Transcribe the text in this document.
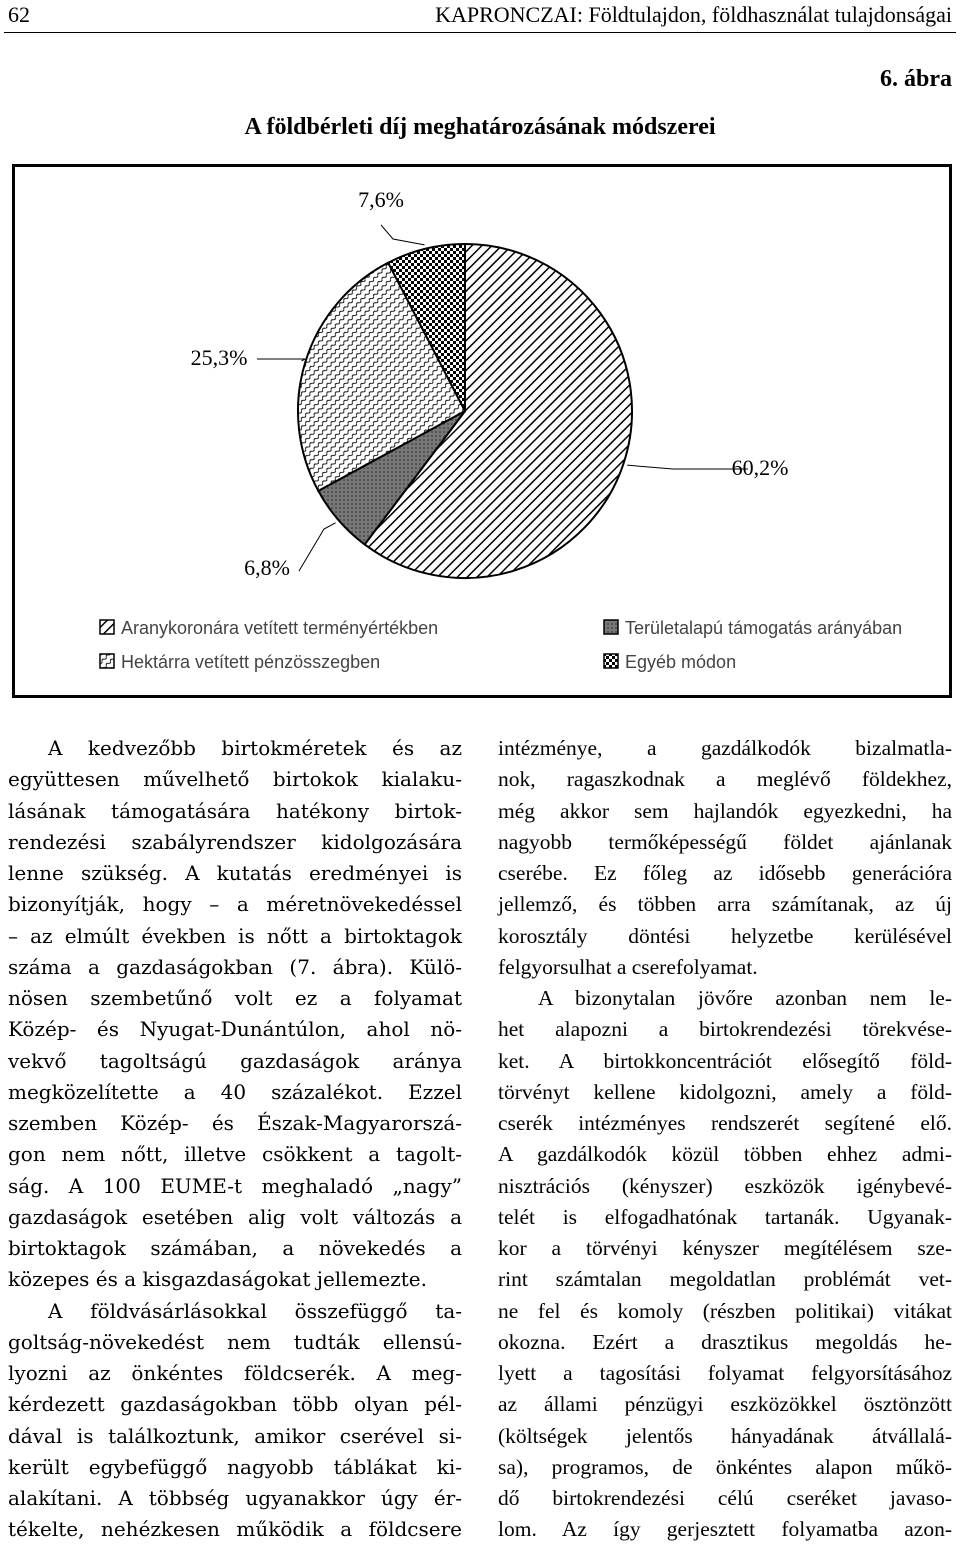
62	KAPRONCZAI: Földtulajdon, földhasználat tulajdonságai
6. ábra
A földbérleti díj meghatározásának módszerei
60,2%
6,8%
25,3%
7,6%
Aranykoronára vetített terményértékben
Hektárra vetített pénzösszegben
Területalapú támogatás arányában
Egyéb módon
A kedvezőbb birtokméretek és az
együttesen művelhető birtokok kialaku-
lásának támogatására hatékony birtok-
rendezési szabályrendszer kidolgozására
lenne szükség. A kutatás eredményei is
bizonyítják, hogy – a méretnövekedéssel
– az elmúlt években is nőtt a birtoktagok
száma a gazdaságokban (7. ábra). Külö-
nösen szembetűnő volt ez a folyamat
Közép- és Nyugat-Dunántúlon, ahol nö-
vekvő tagoltságú gazdaságok aránya
megközelítette a 40 százalékot. Ezzel
szemben Közép- és Észak-Magyarorszá-
gon nem nőtt, illetve csökkent a tagolt-
ság. A 100 EUME-t meghaladó „nagy”
gazdaságok esetében alig volt változás a
birtoktagok számában, a növekedés a
közepes és a kisgazdaságokat jellemezte.
A földvásárlásokkal összefüggő ta-
goltság-növekedést nem tudták ellensú-
lyozni az önkéntes földcserék. A meg-
kérdezett gazdaságokban több olyan pél-
dával is találkoztunk, amikor cserével si-
került egybefüggő nagyobb táblákat ki-
alakítani. A többség ugyanakkor úgy ér-
tékelte, nehézkesen működik a földcsere
intézménye, a gazdálkodók bizalmatla-
nok, ragaszkodnak a meglévő földekhez,
még akkor sem hajlandók egyezkedni, ha
nagyobb termőképességű földet ajánlanak
cserébe. Ez főleg az idősebb generációra
jellemző, és többen arra számítanak, az új
korosztály döntési helyzetbe kerülésével
felgyorsulhat a cserefolyamat.
A bizonytalan jövőre azonban nem le-
het alapozni a birtokrendezési törekvése-
ket. A birtokkoncentrációt elősegítő föld-
törvényt kellene kidolgozni, amely a föld-
cserék intézményes rendszerét segítené elő.
A gazdálkodók közül többen ehhez admi-
nisztrációs (kényszer) eszközök igénybevé-
telét is elfogadhatónak tartanák. Ugyanak-
kor a törvényi kényszer megítélésem sze-
rint számtalan megoldatlan problémát vet-
ne fel és komoly (részben politikai) vitákat
okozna. Ezért a drasztikus megoldás he-
lyett a tagosítási folyamat felgyorsításához
az állami pénzügyi eszközökkel ösztönzött
(költségek jelentős hányadának átvállalá-
sa), programos, de önkéntes alapon műkö-
dő birtokrendezési célú cseréket javaso-
lom. Az így gerjesztett folyamatba azon-
